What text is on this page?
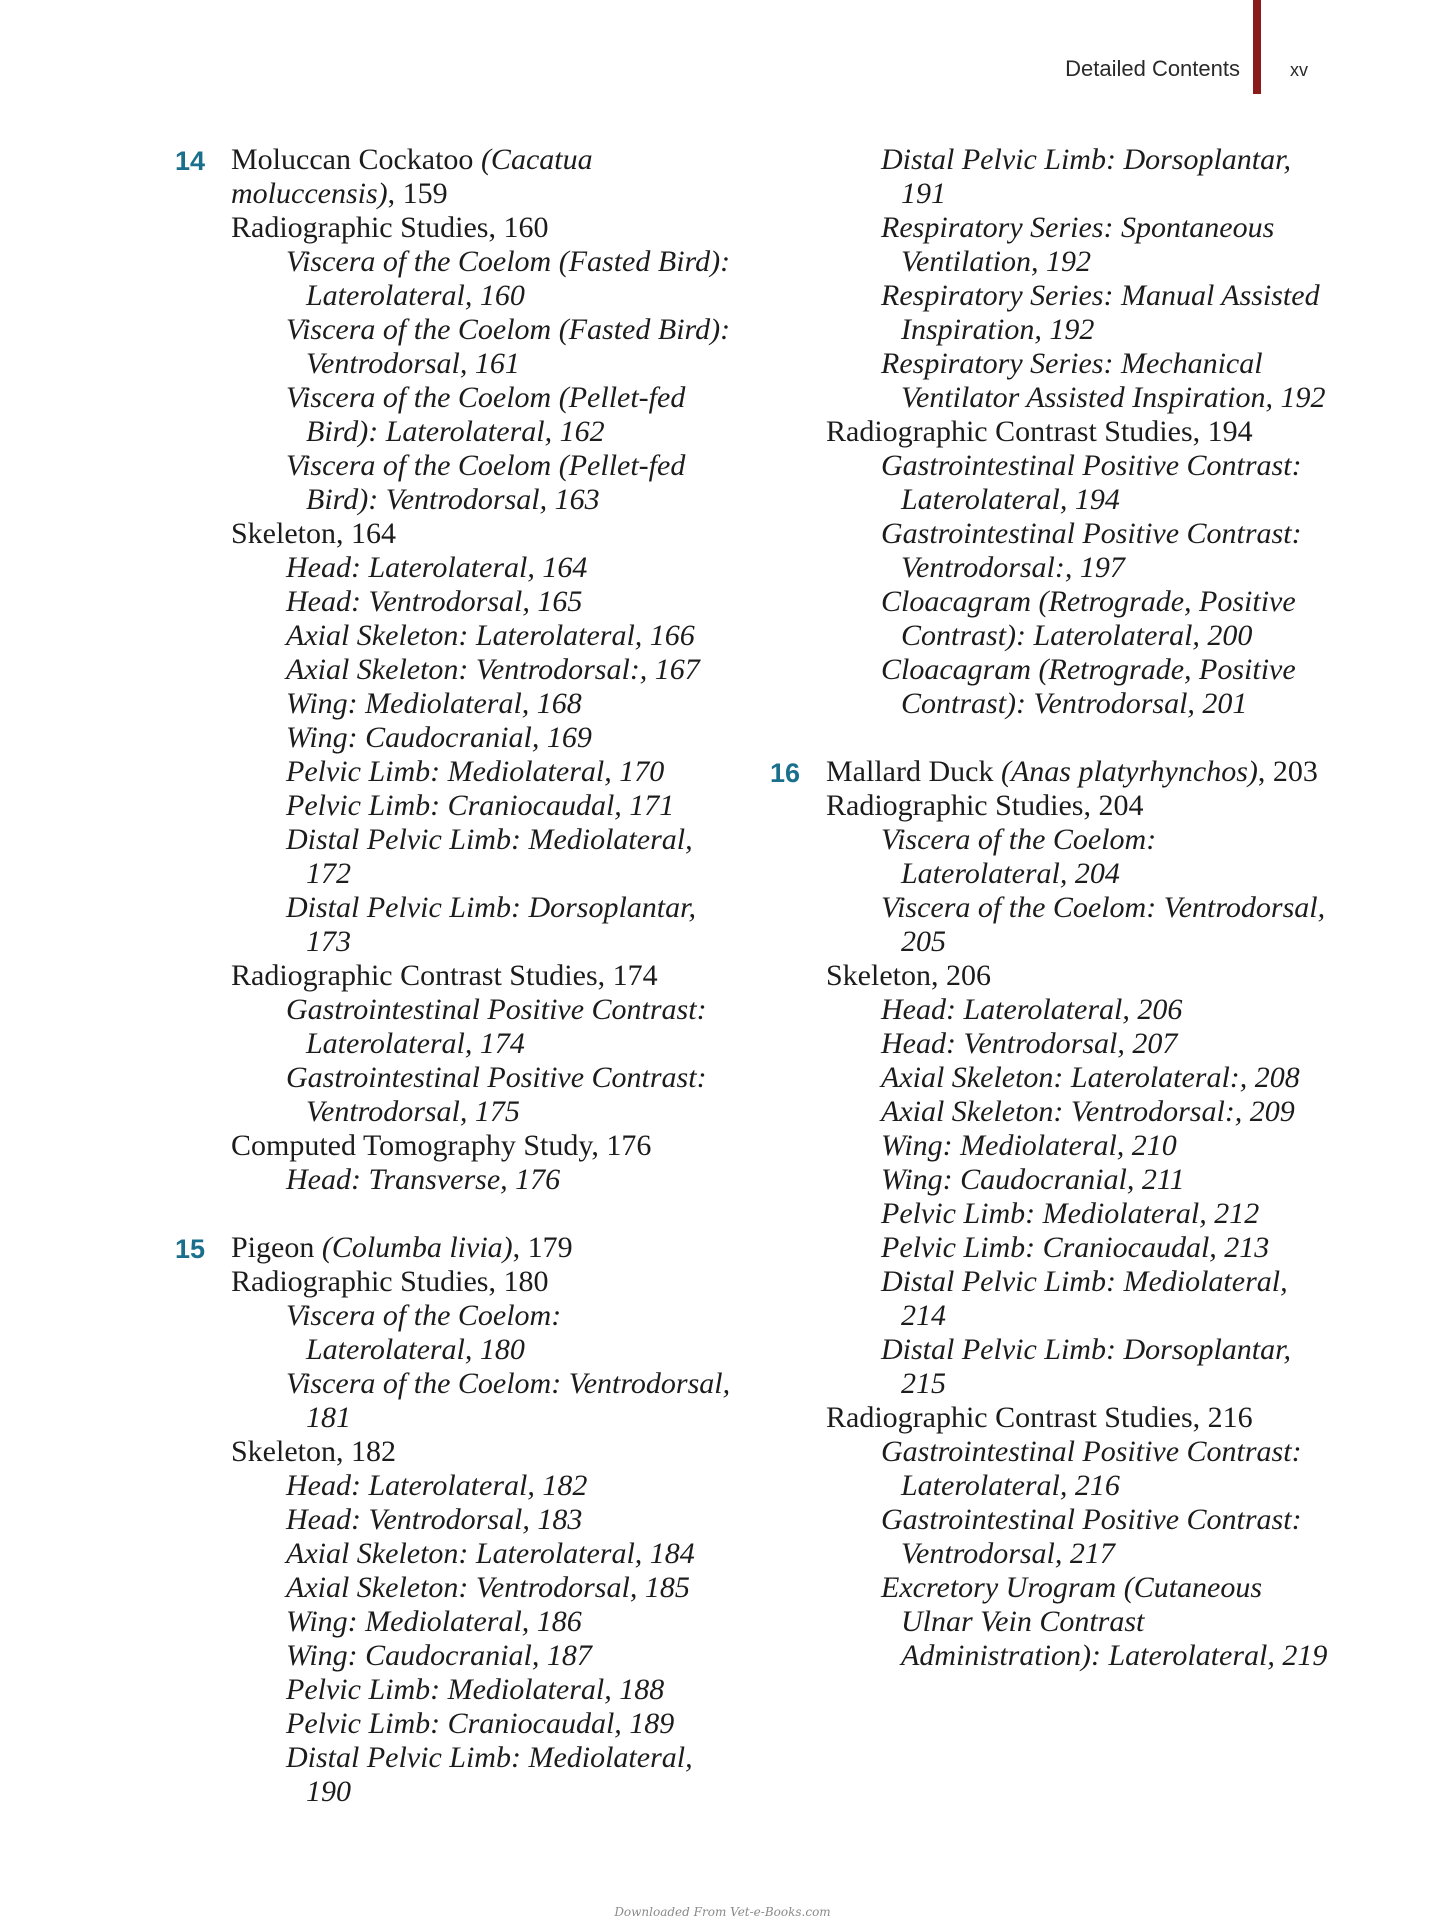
Detailed Contents	xv
14 Moluccan Cockatoo (Cacatua moluccensis), 159
Radiographic Studies, 160
Viscera of the Coelom (Fasted Bird): Laterolateral, 160
Viscera of the Coelom (Fasted Bird): Ventrodorsal, 161
Viscera of the Coelom (Pellet-fed Bird): Laterolateral, 162
Viscera of the Coelom (Pellet-fed Bird): Ventrodorsal, 163
Skeleton, 164
Head: Laterolateral, 164
Head: Ventrodorsal, 165
Axial Skeleton: Laterolateral, 166
Axial Skeleton: Ventrodorsal:, 167
Wing: Mediolateral, 168
Wing: Caudocranial, 169
Pelvic Limb: Mediolateral, 170
Pelvic Limb: Craniocaudal, 171
Distal Pelvic Limb: Mediolateral, 172
Distal Pelvic Limb: Dorsoplantar, 173
Radiographic Contrast Studies, 174
Gastrointestinal Positive Contrast: Laterolateral, 174
Gastrointestinal Positive Contrast: Ventrodorsal, 175
Computed Tomography Study, 176
Head: Transverse, 176
15 Pigeon (Columba livia), 179
Radiographic Studies, 180
Viscera of the Coelom: Laterolateral, 180
Viscera of the Coelom: Ventrodorsal, 181
Skeleton, 182
Head: Laterolateral, 182
Head: Ventrodorsal, 183
Axial Skeleton: Laterolateral, 184
Axial Skeleton: Ventrodorsal, 185
Wing: Mediolateral, 186
Wing: Caudocranial, 187
Pelvic Limb: Mediolateral, 188
Pelvic Limb: Craniocaudal, 189
Distal Pelvic Limb: Mediolateral, 190
Distal Pelvic Limb: Dorsoplantar, 191
Respiratory Series: Spontaneous Ventilation, 192
Respiratory Series: Manual Assisted Inspiration, 192
Respiratory Series: Mechanical Ventilator Assisted Inspiration, 192
Radiographic Contrast Studies, 194
Gastrointestinal Positive Contrast: Laterolateral, 194
Gastrointestinal Positive Contrast: Ventrodorsal:, 197
Cloacagram (Retrograde, Positive Contrast): Laterolateral, 200
Cloacagram (Retrograde, Positive Contrast): Ventrodorsal, 201
16 Mallard Duck (Anas platyrhynchos), 203
Radiographic Studies, 204
Viscera of the Coelom: Laterolateral, 204
Viscera of the Coelom: Ventrodorsal, 205
Skeleton, 206
Head: Laterolateral, 206
Head: Ventrodorsal, 207
Axial Skeleton: Laterolateral:, 208
Axial Skeleton: Ventrodorsal:, 209
Wing: Mediolateral, 210
Wing: Caudocranial, 211
Pelvic Limb: Mediolateral, 212
Pelvic Limb: Craniocaudal, 213
Distal Pelvic Limb: Mediolateral, 214
Distal Pelvic Limb: Dorsoplantar, 215
Radiographic Contrast Studies, 216
Gastrointestinal Positive Contrast: Laterolateral, 216
Gastrointestinal Positive Contrast: Ventrodorsal, 217
Excretory Urogram (Cutaneous Ulnar Vein Contrast Administration): Laterolateral, 219
Downloaded From Vet-e-Books.com
